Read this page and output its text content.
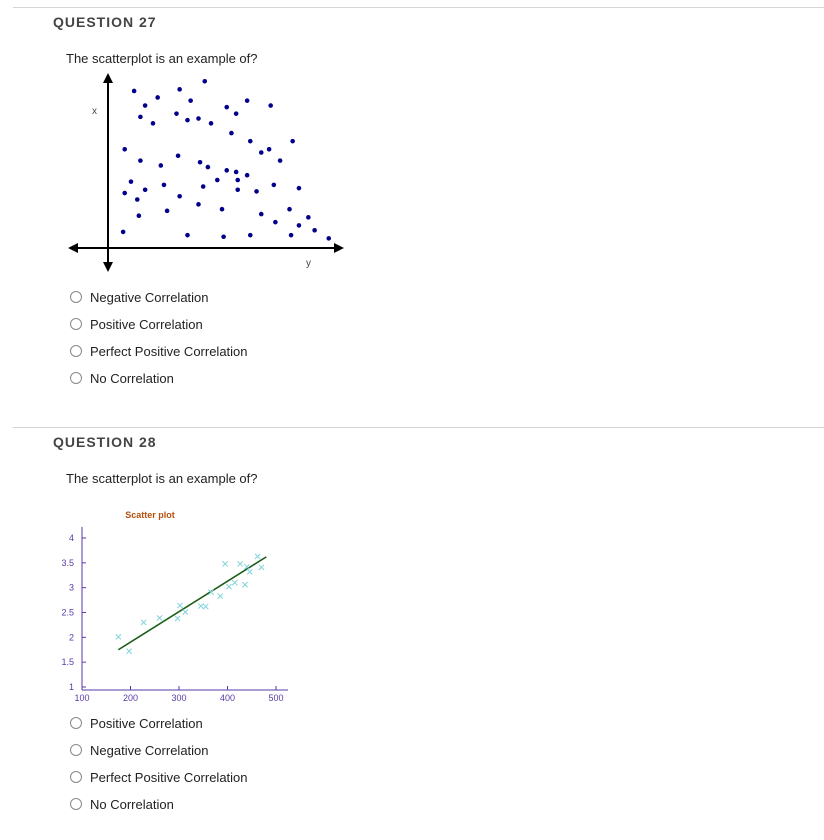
QUESTION 27
The scatterplot is an example of?
x
y
Negative Correlation
Positive Correlation
Perfect Positive Correlation
No Correlation
QUESTION 28
The scatterplot is an example of?
Scatter plot
100	200	300	400	500
1
1.5
2
2.5
3
3.5
4
Positive Correlation
Negative Correlation
Perfect Positive Correlation
No Correlation
